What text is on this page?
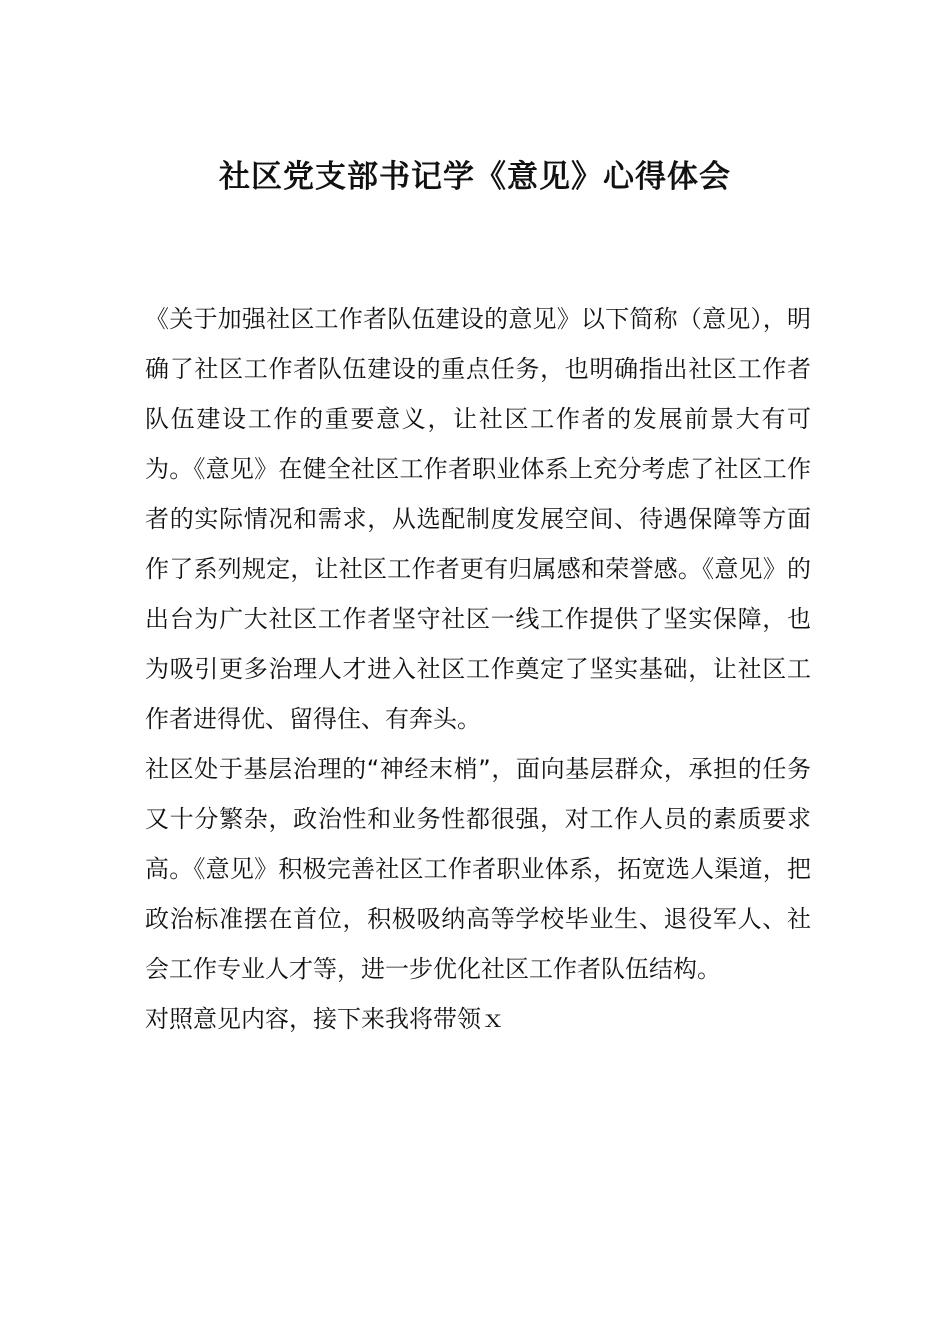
社区党支部书记学《意见》心得体会

《关于加强社区工作者队伍建设的意见》以下简称（意见），明确了社区工作者队伍建设的重点任务，也明确指出社区工作者队伍建设工作的重要意义，让社区工作者的发展前景大有可为。《意见》在健全社区工作者职业体系上充分考虑了社区工作者的实际情况和需求，从选配制度发展空间、待遇保障等方面作了系列规定，让社区工作者更有归属感和荣誉感。《意见》的出台为广大社区工作者坚守社区一线工作提供了坚实保障，也为吸引更多治理人才进入社区工作奠定了坚实基础，让社区工作者进得优、留得住、有奔头。

社区处于基层治理的“神经末梢”，面向基层群众，承担的任务又十分繁杂，政治性和业务性都很强，对工作人员的素质要求高。《意见》积极完善社区工作者职业体系，拓宽选人渠道，把政治标准摆在首位，积极吸纳高等学校毕业生、退役军人、社会工作专业人才等，进一步优化社区工作者队伍结构。

对照意见内容，接下来我将带领ｘ
